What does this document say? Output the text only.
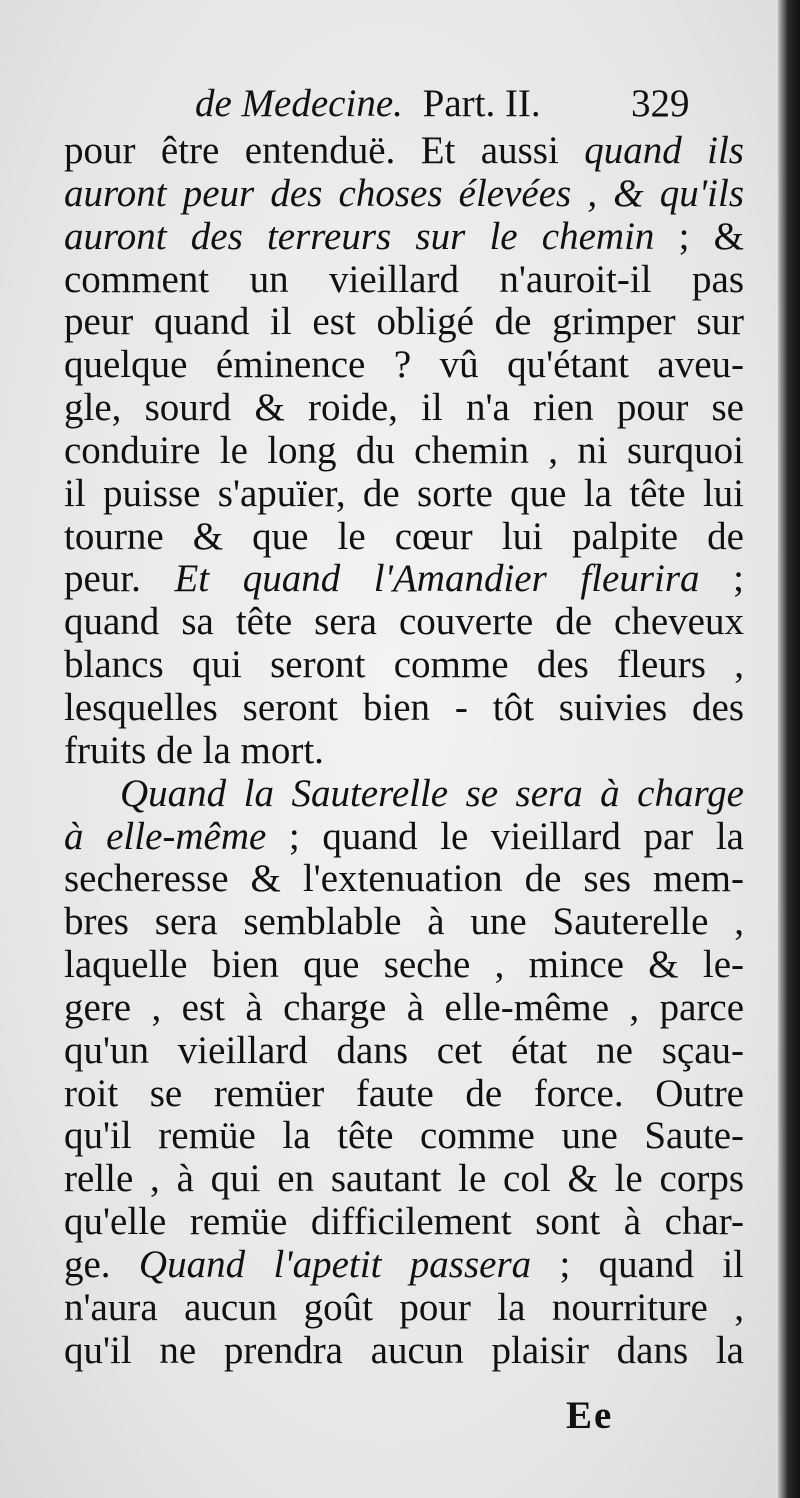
de Medecine. Part. II. 329
pour être entenduë. Et aussi quand ils
auront peur des choses élevées , & qu'ils
auront des terreurs sur le chemin ; &
comment un vieillard n'auroit-il pas
peur quand il est obligé de grimper sur
quelque éminence ? vû qu'étant aveu-
gle, sourd & roide, il n'a rien pour se
conduire le long du chemin , ni surquoi
il puisse s'apuïer, de sorte que la tête lui
tourne & que le cœur lui palpite de
peur. Et quand l'Amandier fleurira ;
quand sa tête sera couverte de cheveux
blancs qui seront comme des fleurs ,
lesquelles seront bien - tôt suivies des
fruits de la mort.
Quand la Sauterelle se sera à charge
à elle-même ; quand le vieillard par la
secheresse & l'extenuation de ses mem-
bres sera semblable à une Sauterelle ,
laquelle bien que seche , mince & le-
gere , est à charge à elle-même , parce
qu'un vieillard dans cet état ne sçau-
roit se remüer faute de force. Outre
qu'il remüe la tête comme une Saute-
relle , à qui en sautant le col & le corps
qu'elle remüe difficilement sont à char-
ge. Quand l'apetit passera ; quand il
n'aura aucun goût pour la nourriture ,
qu'il ne prendra aucun plaisir dans la
Ee
